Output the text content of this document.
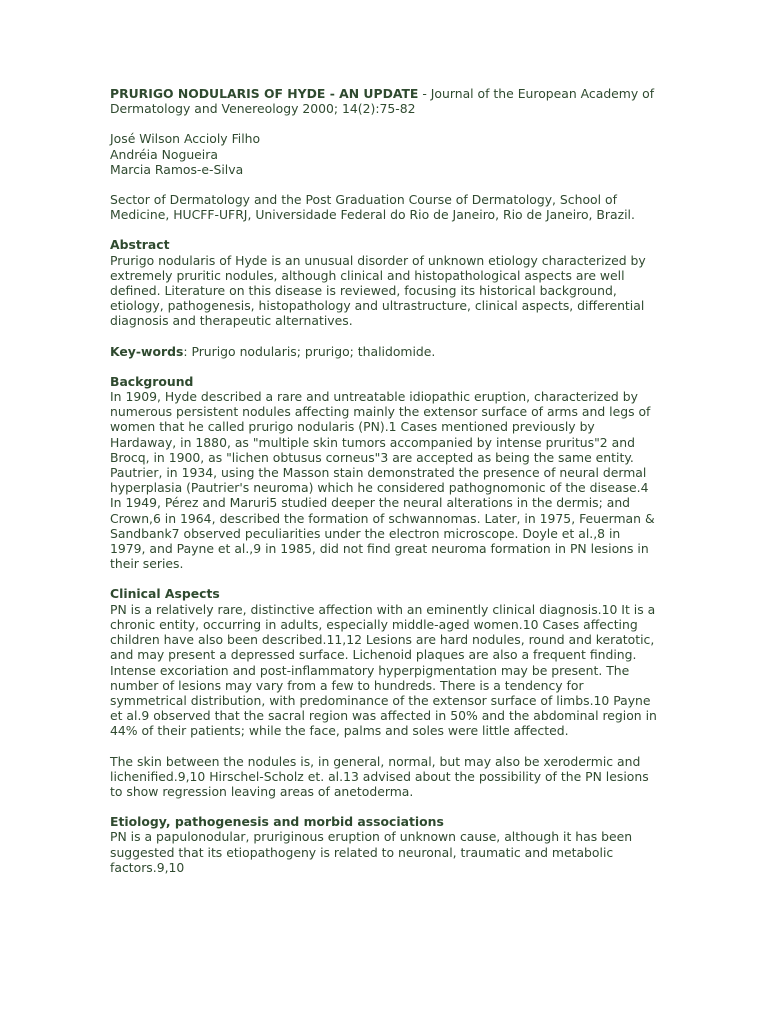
PRURIGO NODULARIS OF HYDE - AN UPDATE - Journal of the European Academy of Dermatology and Venereology 2000; 14(2):75-82

José Wilson Accioly Filho

Andréia Nogueira

Marcia Ramos-e-Silva

Sector of Dermatology and the Post Graduation Course of Dermatology, School of Medicine, HUCFF-UFRJ, Universidade Federal do Rio de Janeiro, Rio de Janeiro, Brazil.

Abstract

Prurigo nodularis of Hyde is an unusual disorder of unknown etiology characterized by extremely pruritic nodules, although clinical and histopathological aspects are well defined. Literature on this disease is reviewed, focusing its historical background, etiology, pathogenesis, histopathology and ultrastructure, clinical aspects, differential diagnosis and therapeutic alternatives.

Key-words: Prurigo nodularis; prurigo; thalidomide.

Background

In 1909, Hyde described a rare and untreatable idiopathic eruption, characterized by numerous persistent nodules affecting mainly the extensor surface of arms and legs of women that he called prurigo nodularis (PN).1 Cases mentioned previously by Hardaway, in 1880, as "multiple skin tumors accompanied by intense pruritus"2 and Brocq, in 1900, as "lichen obtusus corneus"3 are accepted as being the same entity. Pautrier, in 1934, using the Masson stain demonstrated the presence of neural dermal hyperplasia (Pautrier's neuroma) which he considered pathognomonic of the disease.4 In 1949, Pérez and Maruri5 studied deeper the neural alterations in the dermis; and Crown,6 in 1964, described the formation of schwannomas. Later, in 1975, Feuerman & Sandbank7 observed peculiarities under the electron microscope. Doyle et al.,8 in 1979, and Payne et al.,9 in 1985, did not find great neuroma formation in PN lesions in their series.

Clinical Aspects

PN is a relatively rare, distinctive affection with an eminently clinical diagnosis.10 It is a chronic entity, occurring in adults, especially middle-aged women.10 Cases affecting children have also been described.11,12 Lesions are hard nodules, round and keratotic, and may present a depressed surface. Lichenoid plaques are also a frequent finding. Intense excoriation and post-inflammatory hyperpigmentation may be present. The number of lesions may vary from a few to hundreds. There is a tendency for symmetrical distribution, with predominance of the extensor surface of limbs.10 Payne et al.9 observed that the sacral region was affected in 50% and the abdominal region in 44% of their patients; while the face, palms and soles were little affected.

The skin between the nodules is, in general, normal, but may also be xerodermic and lichenified.9,10 Hirschel-Scholz et. al.13 advised about the possibility of the PN lesions to show regression leaving areas of anetoderma.

Etiology, pathogenesis and morbid associations

PN is a papulonodular, pruriginous eruption of unknown cause, although it has been suggested that its etiopathogeny is related to neuronal, traumatic and metabolic factors.9,10
